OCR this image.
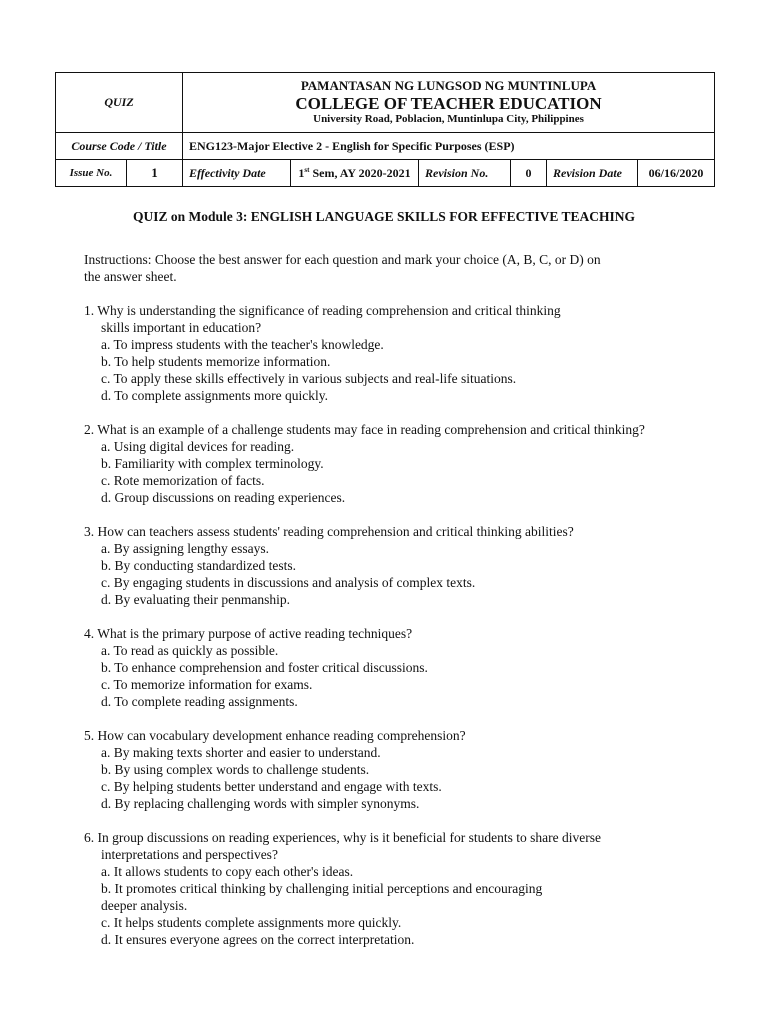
QUIZ	PAMANTASAN NG LUNGSOD NG MUNTINLUPA
COLLEGE OF TEACHER EDUCATION
University Road, Poblacion, Muntinlupa City, Philippines					

Course Code / Title	ENG123-Major Elective 2 - English for Specific Purposes (ESP)					

Issue No. 1	Effectivity Date	1st Sem, AY 2020-2021	Revision No.	0	Revision Date	06/16/2020
QUIZ on Module 3: ENGLISH LANGUAGE SKILLS FOR EFFECTIVE TEACHING
Instructions: Choose the best answer for each question and mark your choice (A, B, C, or D) on
the answer sheet.
1. Why is understanding the significance of reading comprehension and critical thinking
skills important in education?
a. To impress students with the teacher's knowledge.
b. To help students memorize information.
c. To apply these skills effectively in various subjects and real-life situations.
d. To complete assignments more quickly.
2. What is an example of a challenge students may face in reading comprehension and critical thinking?
a. Using digital devices for reading.
b. Familiarity with complex terminology.
c. Rote memorization of facts.
d. Group discussions on reading experiences.
3. How can teachers assess students' reading comprehension and critical thinking abilities?
a. By assigning lengthy essays.
b. By conducting standardized tests.
c. By engaging students in discussions and analysis of complex texts.
d. By evaluating their penmanship.
4. What is the primary purpose of active reading techniques?
a. To read as quickly as possible.
b. To enhance comprehension and foster critical discussions.
c. To memorize information for exams.
d. To complete reading assignments.
5. How can vocabulary development enhance reading comprehension?
a. By making texts shorter and easier to understand.
b. By using complex words to challenge students.
c. By helping students better understand and engage with texts.
d. By replacing challenging words with simpler synonyms.
6. In group discussions on reading experiences, why is it beneficial for students to share diverse
interpretations and perspectives?
a. It allows students to copy each other's ideas.
b. It promotes critical thinking by challenging initial perceptions and encouraging
deeper analysis.
c. It helps students complete assignments more quickly.
d. It ensures everyone agrees on the correct interpretation.
